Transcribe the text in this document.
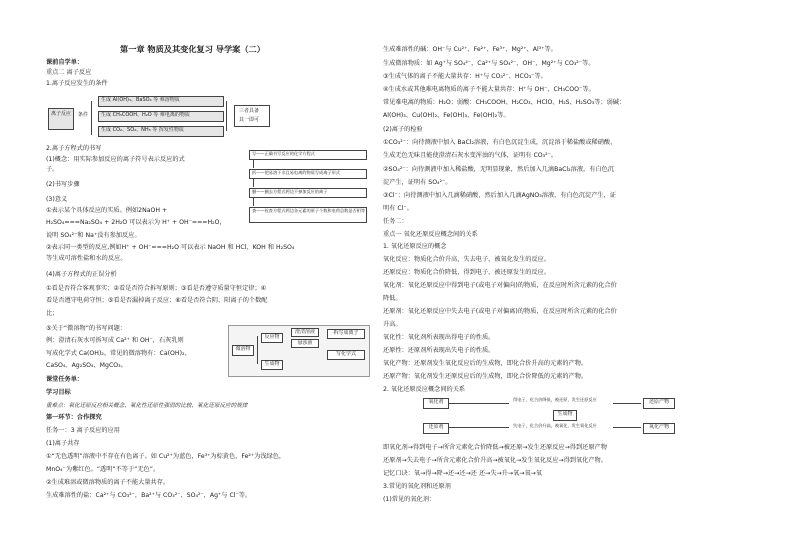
第一章 物质及其变化复习 导学案（二）
课前自学单：
重点二 离子反应
1.离子反应发生的条件
离子反应	条件
生成 Al(OH)₃、BaSO₄ 等 难溶物质
生成 CH₃COOH、H₂O 等 难电离的物质
生成 CO₂、SO₂、NH₃ 等 挥发性物质
三者具备
其一即可
2.离子方程式的书写
(1)概念：用实际参加反应的离子符号表示反应的式
子。
(2)书写步骤
(3)意义
①表示某个具体反应的实质。例如2NaOH +
H₂SO₄===Na₂SO₄ + 2H₂O 可以表示为 H⁺ + OH⁻===H₂O，
说明 SO₄²⁻和 Na⁺没有参加反应。
写——正确书写反应的化学方程式
拆——把易溶于水且易电离的物质写成离子形式
删——删去方程式两边不参加反应的离子
查——检查方程式两边各元素的原子个数和电荷总数是否相等
②表示同一类型的反应,例如H⁺ + OH⁻===H₂O 可以表示 NaOH 和 HCl、KOH 和 H₂SO₄
等生成可溶性盐和水的反应。
(4)离子方程式的正误分析
①看是否符合客观事实；②看是否符合拆写原则；③看是否遵守质量守恒定律；④
看是否遵守电荷守恒；⑤看是否漏掉离子反应；⑥看是否符合阴、阳离子的个数配
比；
⑤关于“微溶物”的书写问题：
例：澄清石灰水可拆写成 Ca²⁺ 和 OH⁻，石灰乳则
写成化学式 Ca(OH)₂。常见的微溶物有：Ca(OH)₂、
CaSO₄、Ag₂SO₄、MgCO₃。
微溶物
反应物
生成物
澄清溶液
悬浊液
拆写成离子
写化学式
课堂任务单：
学习目标
重难点：氧化还原反应相关概念、氧化性还原性强弱的比较、氧化还原反应的规律
第一环节：合作探究
任务一：3 离子反应的应用
(1)离子共存
①“无色透明”溶液中不存在有色离子。如 Cu²⁺为蓝色，Fe³⁺为棕黄色，Fe²⁺为浅绿色，
MnO₄⁻为紫红色。“透明”不等于“无色”。
②生成难溶或微溶物质的离子不能大量共存。
生成难溶性的盐：Ca²⁺与 CO₃²⁻，Ba²⁺与 CO₃²⁻、SO₄²⁻，Ag⁺与 Cl⁻等。
生成难溶性的碱：OH⁻与 Cu²⁺、Fe²⁺、Fe³⁺、Mg²⁺、Al³⁺等。
生成微溶物质：如 Ag⁺与 SO₄²⁻，Ca²⁺与 SO₄²⁻、OH⁻，Mg²⁺与 CO₃²⁻等。
③生成气体的离子不能大量共存：H⁺与 CO₃²⁻、HCO₃⁻等。
④生成水或其他难电离物质的离子不能大量共存：H⁺与 OH⁻、CH₃COO⁻等。
常见难电离的物质：H₂O；弱酸：CH₃COOH、H₂CO₃、HClO、H₂S、H₂SO₃等；弱碱：
Al(OH)₃、Cu(OH)₂、Fe(OH)₃、Fe(OH)₂等。
(2)离子的检验
①CO₃²⁻：向待测液中加入 BaCl₂溶液，有白色沉淀生成，沉淀溶于稀盐酸或稀硝酸，
生成无色无味且能使澄清石灰水变浑浊的气体，证明有 CO₃²⁻。
②SO₄²⁻：向待测液中加入稀盐酸，无明显现象，然后加入几滴BaCl₂溶液，有白色沉
淀产生，证明有 SO₄²⁻。
③Cl⁻：向待测液中加入几滴稀硝酸，然后加入几滴AgNO₃溶液，有白色沉淀产生，证
明有 Cl⁻。
任务二：
重点一 氧化还原反应概念间的关系
1. 氧化还原反应的概念
氧化反应：物质化合价升高，失去电子，被氧化发生的反应。
还原反应：物质化合价降低，得到电子，被还原发生的反应。
氧化剂：氧化还原反应中得到电子(或电子对偏向)的物质，在反应时所含元素的化合价
降低。
还原剂：氧化还原反应中失去电子(或电子对偏离)的物质，在反应时所含元素的化合价
升高。
氧化性：氧化剂所表现出得电子的性质。
还原性：还原剂所表现出失电子的性质。
氧化产物：还原剂发生氧化反应后的生成物，即化合价升高的元素的产物。
还原产物：氧化剂发生还原反应后的生成物，即化合价降低的元素的产物。
2. 氧化还原反应概念间的关系
氧化剂
还原剂
得电子，化合价降低，被还原，发生还原反应
失电子，化合价升高，被氧化，发生氧化反应
生成物
还原产物
氧化产物
即氧化剂→得到电子→所含元素化合价降低→被还原→发生还原反应→得到还原产物
还原剂→失去电子→所含元素化合价升高→被氧化→发生氧化反应→得到氧化产物。
记忆口诀：氧→得→降→还→还→还 还→失→升→氧→氧→氧
3.常见的氧化剂和还原剂
(1)常见的氧化剂：
